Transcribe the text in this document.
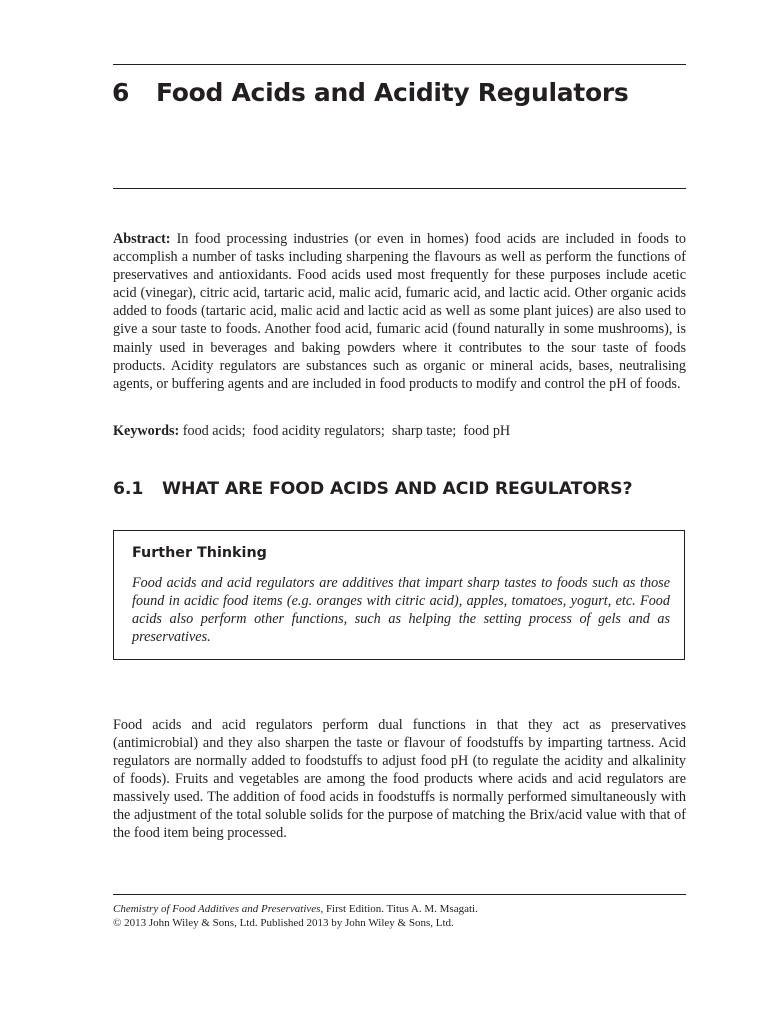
6 Food Acids and Acidity Regulators

Abstract: In food processing industries (or even in homes) food acids are included in foods to accomplish a number of tasks including sharpening the flavours as well as perform the functions of preservatives and antioxidants. Food acids used most frequently for these purposes include acetic acid (vinegar), citric acid, tartaric acid, malic acid, fumaric acid, and lactic acid. Other organic acids added to foods (tartaric acid, malic acid and lactic acid as well as some plant juices) are also used to give a sour taste to foods. Another food acid, fumaric acid (found naturally in some mushrooms), is mainly used in beverages and baking powders where it contributes to the sour taste of foods products. Acidity regulators are substances such as organic or mineral acids, bases, neutralising agents, or buffering agents and are included in food products to modify and control the pH of foods.

Keywords: food acids;  food acidity regulators;  sharp taste;  food pH

6.1 WHAT ARE FOOD ACIDS AND ACID REGULATORS?
Further Thinking

Food acids and acid regulators are additives that impart sharp tastes to foods such as those found in acidic food items (e.g. oranges with citric acid), apples, tomatoes, yogurt, etc. Food acids also perform other functions, such as helping the setting process of gels and as preservatives.

Food acids and acid regulators perform dual functions in that they act as preservatives (antimicrobial) and they also sharpen the taste or flavour of foodstuffs by imparting tartness. Acid regulators are normally added to foodstuffs to adjust food pH (to regulate the acidity and alkalinity of foods). Fruits and vegetables are among the food products where acids and acid regulators are massively used. The addition of food acids in foodstuffs is normally performed simultaneously with the adjustment of the total soluble solids for the purpose of matching the Brix/acid value with that of the food item being processed.

Chemistry of Food Additives and Preservatives, First Edition. Titus A. M. Msagati.
© 2013 John Wiley & Sons, Ltd. Published 2013 by John Wiley & Sons, Ltd.
